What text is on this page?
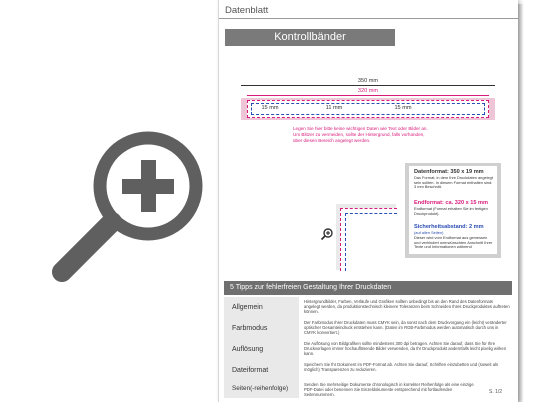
Datenblatt
Kontrollbänder
350 mm
320 mm
15 mm	11 mm	15 mm
Legen Sie hier bitte keine wichtigen Daten wie Text oder Bilder an.
Um Blitzer zu vermeiden, sollte der Hintergrund, falls vorhanden,
über diesen Bereich angelegt werden.
Datenformat: 350 x 19 mm
Das Format, in dem Ihre Druckdaten angelegt sein sollten. In diesem Format enthalten sind: 3 mm Beschnitt.
Endformat: ca. 320 x 15 mm
Endformat (Format erhalten Sie im fertigen Druckprodukt).
Sicherheitsabstand: 2 mm
(auf allen Seiten)
Dieser wird vom Endformat aus gemessen und verhindert unerwünschten Anschnitt Ihrer Texte und Informationen während
5 Tipps zur fehlerfreien Gestaltung Ihrer Druckdaten
Allgemein
Hintergrundbilder, Farben, Verläufe und Grafiken sollten unbedingt bis an den Rand des Datenformats angelegt werden, da produktionstechnisch kleinere Toleranzen beim Schneiden Ihres Druckproduktes auftreten können.
Farbmodus
Der Farbmodus Ihrer Druckdaten muss CMYK sein, da sonst nach dem Druckvorgang ein (leicht) veränderter optischer Gesamteindruck entstehen kann. (Daten im RGB-Farbmodus werden automatisch durch uns in CMYK konvertiert.)
Auflösung
Die Auflösung von Bildgrafiken sollte mindestens 300 dpi betragen. Achten Sie darauf, dass Sie für Ihre Druckvorlagen immer hochauflösende Bilder verwenden, da Ihr Druckprodukt andernfalls leicht pixelig wirken kann.
Dateiformat
Speichern Sie Ihr Dokument im PDF-Format ab. Achten Sie darauf, Schriften einzubetten und (soweit als möglich) Transparenzen zu reduzieren.
Seiten(-reihenfolge)
Senden Sie mehrseitige Dokumente chronologisch in korrekter Reihenfolge als eine einzige PDF-Datei oder benennen Sie Einzeldokumente entsprechend mit fortlaufenden Seitennummern.	S. 1/2
